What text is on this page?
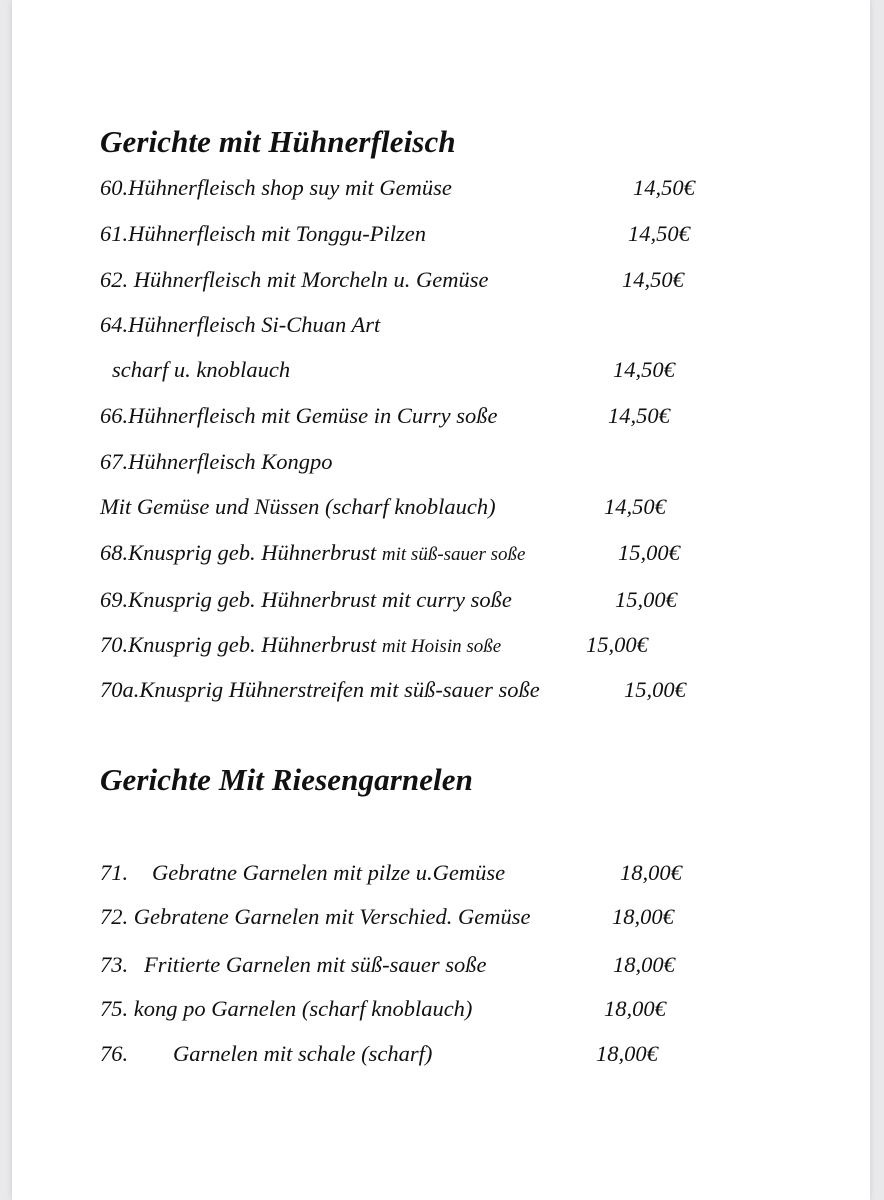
Gerichte mit Hühnerfleisch
60.Hühnerfleisch shop suy mit Gemüse	14,50€
61.Hühnerfleisch mit Tonggu-Pilzen	14,50€
62. Hühnerfleisch mit Morcheln u. Gemüse	14,50€
64.Hühnerfleisch Si-Chuan Art
scharf u. knoblauch	14,50€
66.Hühnerfleisch mit Gemüse in Curry soße	14,50€
67.Hühnerfleisch Kongpo
Mit Gemüse und Nüssen (scharf knoblauch)	14,50€
68.Knusprig geb. Hühnerbrust mit süß-sauer soße	15,00€
69.Knusprig geb. Hühnerbrust mit curry soße	15,00€
70.Knusprig geb. Hühnerbrust mit Hoisin soße	15,00€
70a.Knusprig Hühnerstreifen mit süß-sauer soße	15,00€
Gerichte Mit Riesengarnelen
71. Gebratne Garnelen mit pilze u.Gemüse	18,00€
72. Gebratene Garnelen mit Verschied. Gemüse	18,00€
73. Fritierte Garnelen mit süß-sauer soße	18,00€
75. kong po Garnelen (scharf knoblauch)	18,00€
76. Garnelen mit schale (scharf)	18,00€
